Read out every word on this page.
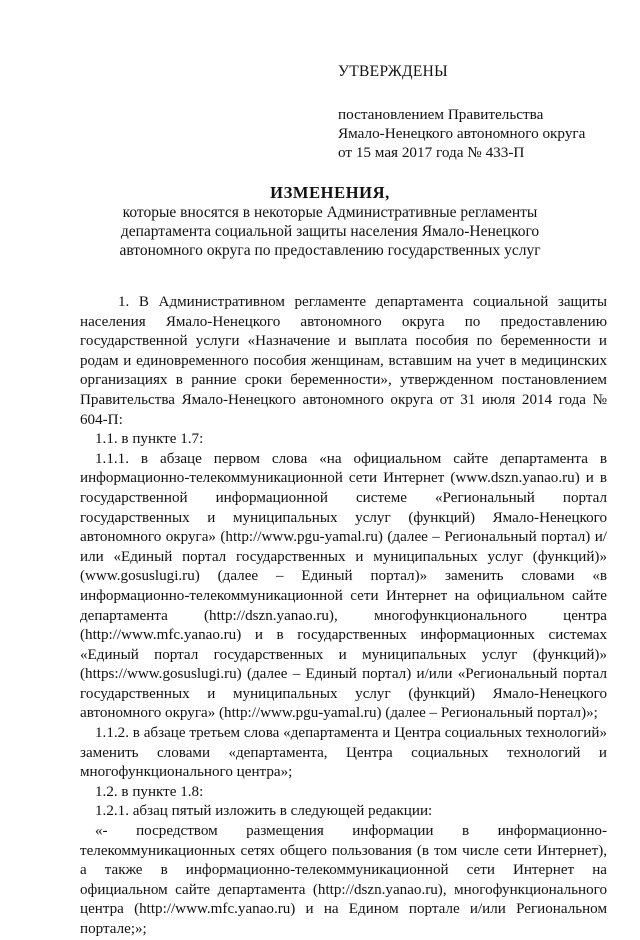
УТВЕРЖДЕНЫ
постановлением Правительства
Ямало-Ненецкого автономного округа
от 15 мая 2017 года № 433-П
ИЗМЕНЕНИЯ,
которые вносятся в некоторые Административные регламенты
департамента социальной защиты населения Ямало-Ненецкого
автономного округа по предоставлению государственных услуг

1. В Административном регламенте департамента социальной защиты населения Ямало-Ненецкого автономного округа по предоставлению государственной услуги «Назначение и выплата пособия по беременности и родам и единовременного пособия женщинам, вставшим на учет в медицинских организациях в ранние сроки беременности», утвержденном постановлением Правительства Ямало-Ненецкого автономного округа от 31 июля 2014 года № 604-П:

1.1. в пункте 1.7:

1.1.1. в абзаце первом слова «на официальном сайте департамента в информационно-телекоммуникационной сети Интернет (www.dszn.yanao.ru) и в государственной информационной системе «Региональный портал государственных и муниципальных услуг (функций) Ямало-Ненецкого автономного округа» (http://www.pgu-yamal.ru) (далее – Региональный портал) и/или «Единый портал государственных и муниципальных услуг (функций)» (www.gosuslugi.ru) (далее – Единый портал)» заменить словами «в информационно-телекоммуникационной сети Интернет на официальном сайте департамента (http://dszn.yanao.ru), многофункционального центра (http://www.mfc.yanao.ru) и в государственных информационных системах «Единый портал государственных и муниципальных услуг (функций)» (https://www.gosuslugi.ru) (далее – Единый портал) и/или «Региональный портал государственных и муниципальных услуг (функций) Ямало-Ненецкого автономного округа» (http://www.pgu-yamal.ru) (далее – Региональный портал)»;

1.1.2. в абзаце третьем слова «департамента и Центра социальных технологий» заменить словами «департамента, Центра социальных технологий и многофункционального центра»;

1.2. в пункте 1.8:

1.2.1. абзац пятый изложить в следующей редакции:

«- посредством размещения информации в информационно-телекоммуникационных сетях общего пользования (в том числе сети Интернет), а также в информационно-телекоммуникационной сети Интернет на официальном сайте департамента (http://dszn.yanao.ru), многофункционального центра (http://www.mfc.yanao.ru) и на Едином портале и/или Региональном портале;»;
